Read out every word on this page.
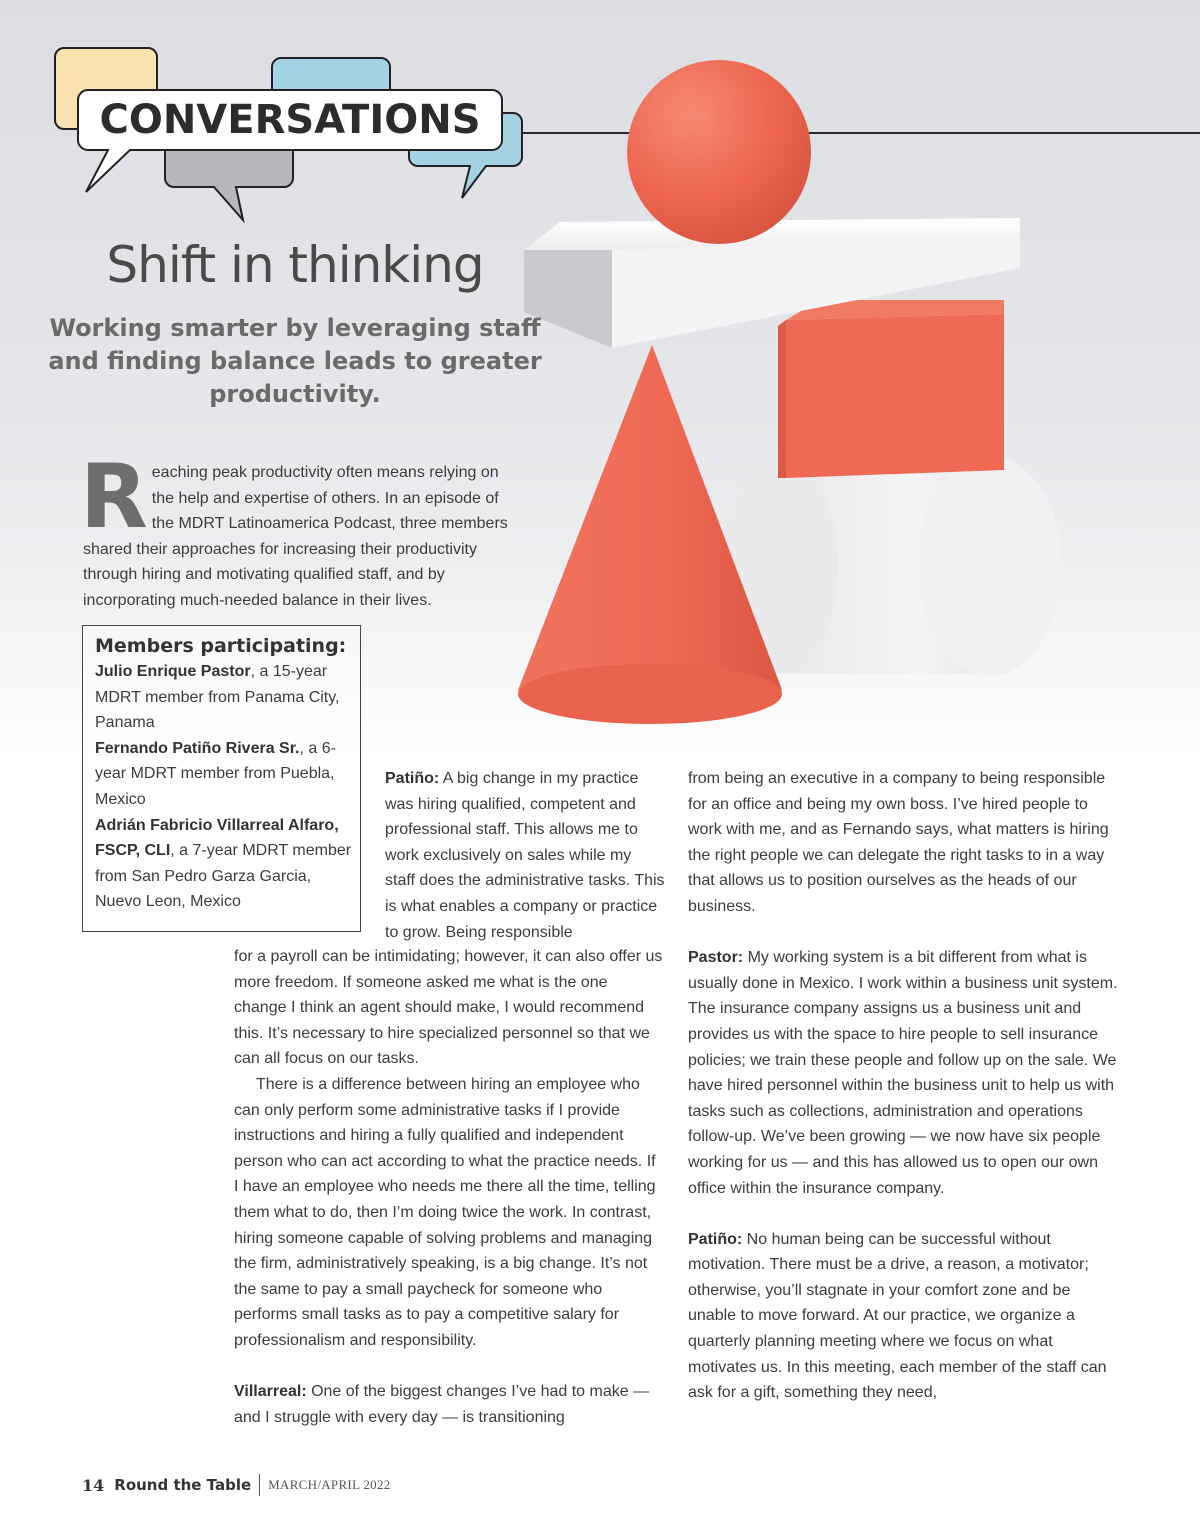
CONVERSATIONS
Shift in thinking

Working smarter by leveraging staff and finding balance leads to greater productivity.

Reaching peak productivity often means relying on the help and expertise of others. In an episode of the MDRT Latinoamerica Podcast, three members shared their approaches for increasing their productivity through hiring and motivating qualified staff, and by incorporating much-needed balance in their lives.

Members participating:

Julio Enrique Pastor, a 15-year MDRT member from Panama City, Panama

Fernando Patiño Rivera Sr., a 6-year MDRT member from Puebla, Mexico

Adrián Fabricio Villarreal Alfaro, FSCP, CLI, a 7-year MDRT member from San Pedro Garza Garcia, Nuevo Leon, Mexico

Patiño: A big change in my practice was hiring qualified, competent and professional staff. This allows me to work exclusively on sales while my staff does the administrative tasks. This is what enables a company or practice to grow. Being responsible

for a payroll can be intimidating; however, it can also offer us more freedom. If someone asked me what is the one change I think an agent should make, I would recommend this. It’s necessary to hire specialized personnel so that we can all focus on our tasks.

There is a difference between hiring an employee who can only perform some administrative tasks if I provide instructions and hiring a fully qualified and independent person who can act according to what the practice needs. If I have an employee who needs me there all the time, telling them what to do, then I’m doing twice the work. In contrast, hiring someone capable of solving problems and managing the firm, administratively speaking, is a big change. It’s not the same to pay a small paycheck for someone who performs small tasks as to pay a competitive salary for professionalism and responsibility.

Villarreal: One of the biggest changes I’ve had to make — and I struggle with every day — is transitioning

from being an executive in a company to being responsible for an office and being my own boss. I’ve hired people to work with me, and as Fernando says, what matters is hiring the right people we can delegate the right tasks to in a way that allows us to position ourselves as the heads of our business.

Pastor: My working system is a bit different from what is usually done in Mexico. I work within a business unit system. The insurance company assigns us a business unit and provides us with the space to hire people to sell insurance policies; we train these people and follow up on the sale. We have hired personnel within the business unit to help us with tasks such as collections, administration and operations follow-up. We’ve been growing — we now have six people working for us — and this has allowed us to open our own office within the insurance company.

Patiño: No human being can be successful without motivation. There must be a drive, a reason, a motivator; otherwise, you’ll stagnate in your comfort zone and be unable to move forward. At our practice, we organize a quarterly planning meeting where we focus on what motivates us. In this meeting, each member of the staff can ask for a gift, something they need,

14 Round the Table MARCH/APRIL 2022
